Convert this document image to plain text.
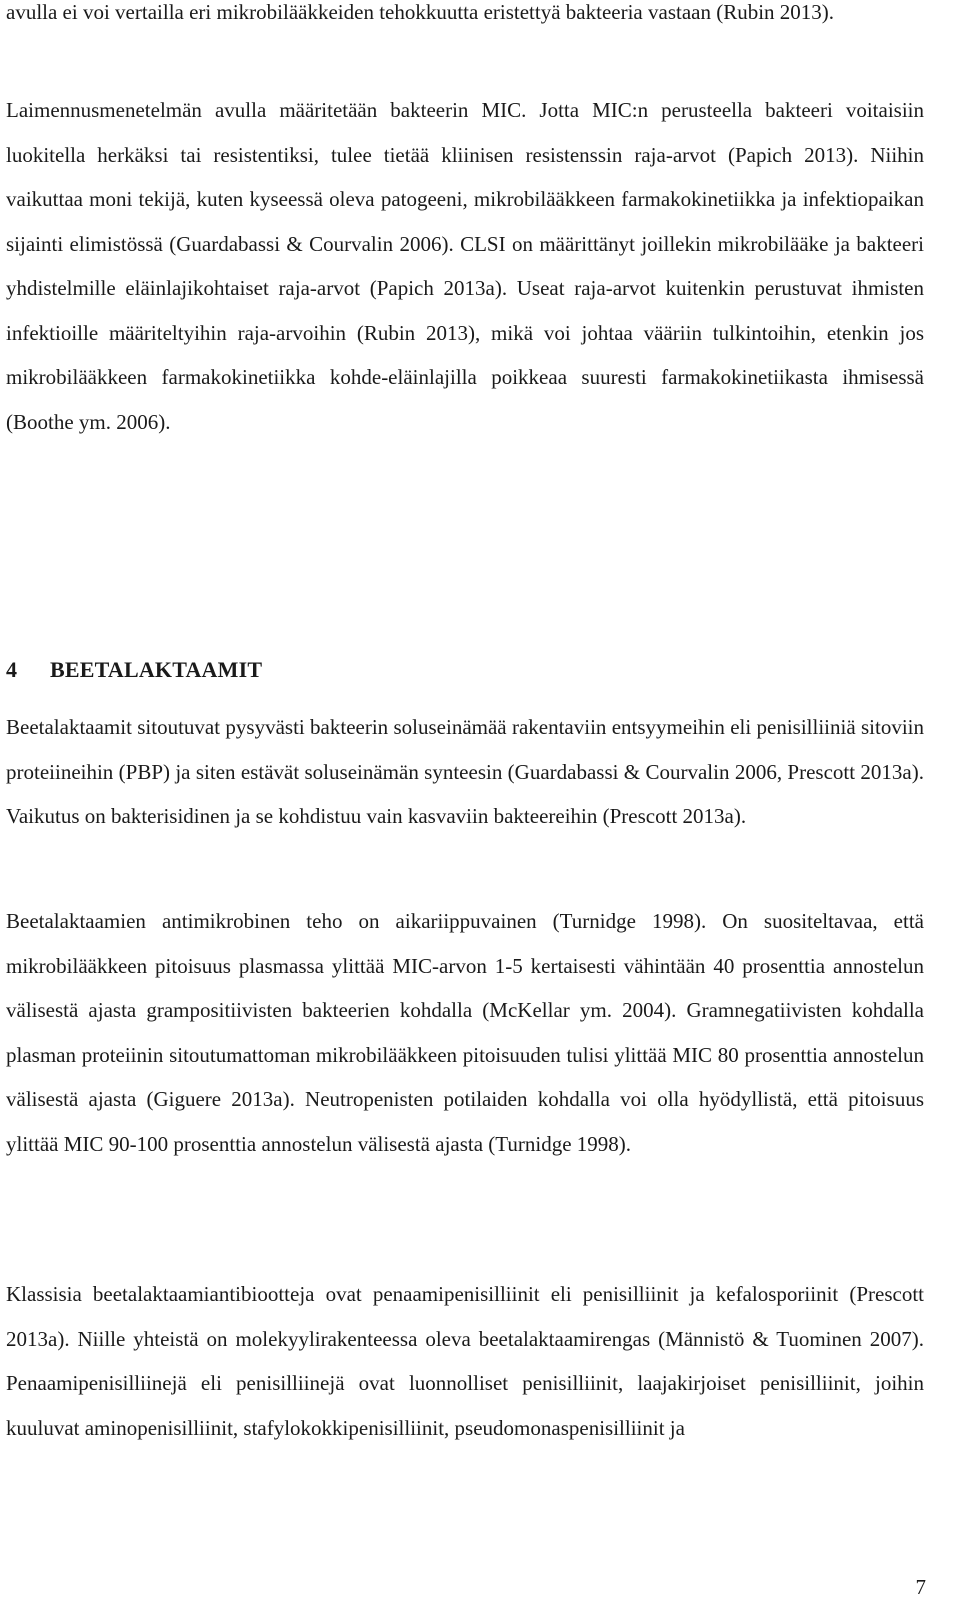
avulla ei voi vertailla eri mikrobilääkkeiden tehokkuutta eristettyä bakteeria vastaan (Rubin 2013).

Laimennusmenetelmän avulla määritetään bakteerin MIC. Jotta MIC:n perusteella bakteeri voitaisiin luokitella herkäksi tai resistentiksi, tulee tietää kliinisen resistenssin raja-arvot (Papich 2013). Niihin vaikuttaa moni tekijä, kuten kyseessä oleva patogeeni, mikrobilääkkeen farmakokinetiikka ja infektiopaikan sijainti elimistössä (Guardabassi & Courvalin 2006). CLSI on määrittänyt joillekin mikrobilääke ja bakteeri yhdistelmille eläinlajikohtaiset raja-arvot (Papich 2013a). Useat raja-arvot kuitenkin perustuvat ihmisten infektioille määriteltyihin raja-arvoihin (Rubin 2013), mikä voi johtaa vääriin tulkintoihin, etenkin jos mikrobilääkkeen farmakokinetiikka kohde-eläinlajilla poikkeaa suuresti farmakokinetiikasta ihmisessä (Boothe ym. 2006).

4 BEETALAKTAAMIT

Beetalaktaamit sitoutuvat pysyvästi bakteerin soluseinämää rakentaviin entsyymeihin eli penisilliiniä sitoviin proteiineihin (PBP) ja siten estävät soluseinämän synteesin (Guardabassi & Courvalin 2006, Prescott 2013a). Vaikutus on bakterisidinen ja se kohdistuu vain kasvaviin bakteereihin (Prescott 2013a).

Beetalaktaamien antimikrobinen teho on aikariippuvainen (Turnidge 1998). On suositeltavaa, että mikrobilääkkeen pitoisuus plasmassa ylittää MIC-arvon 1-5 kertaisesti vähintään 40 prosenttia annostelun välisestä ajasta grampositiivisten bakteerien kohdalla (McKellar ym. 2004). Gramnegatiivisten kohdalla plasman proteiinin sitoutumattoman mikrobilääkkeen pitoisuuden tulisi ylittää MIC 80 prosenttia annostelun välisestä ajasta (Giguere 2013a). Neutropenisten potilaiden kohdalla voi olla hyödyllistä, että pitoisuus ylittää MIC 90-100 prosenttia annostelun välisestä ajasta (Turnidge 1998).

Klassisia beetalaktaamiantibiootteja ovat penaamipenisilliinit eli penisilliinit ja kefalosporiinit (Prescott 2013a). Niille yhteistä on molekyylirakenteessa oleva beetalaktaamirengas (Männistö & Tuominen 2007). Penaamipenisilliinejä eli penisilliinejä ovat luonnolliset penisilliinit, laajakirjoiset penisilliinit, joihin kuuluvat aminopenisilliinit, stafylokokkipenisilliinit, pseudomonaspenisilliinit ja

7
